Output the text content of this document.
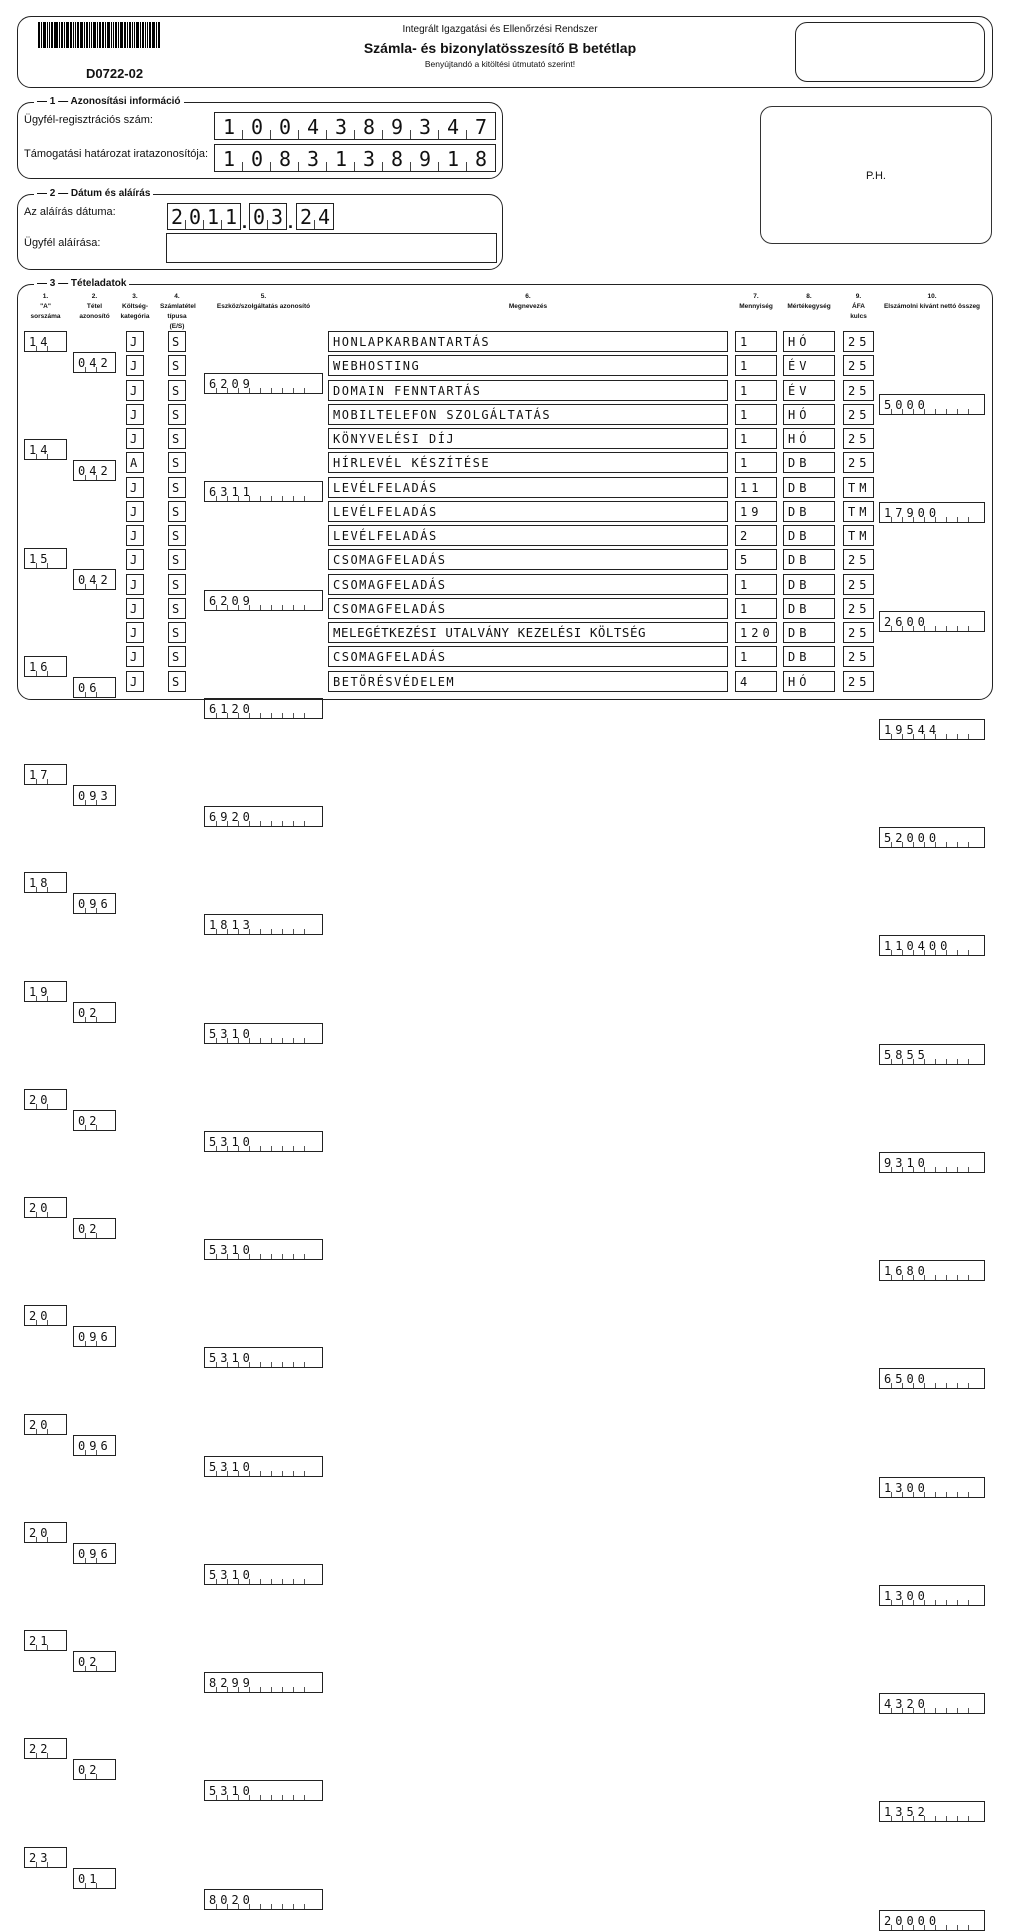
D0722-02
Integrált Igazgatási és Ellenőrzési Rendszer
Számla- és bizonylatösszesítő B betétlap
Benyújtandó a kitöltési útmutató szerint!
— 1 — Azonosítási információ
Ügyfél-regisztrációs szám:	1 0 0 4 3 8 9 3 4 7
Támogatási határozat iratazonosítója: 1 0 8 3 1 3 8 9 1 8
— 2 — Dátum és aláírás
Az aláírás dátuma:	2 0 1 1 . 0 3 . 2 4
Ügyfél aláírása:
P.H.
— 3 — Tételadatok
1.
"A"
sorszáma
2.
Tétel
azonosító
3.
Költség-
kategória
4.
Számlatétel
típusa (E/S)
5.
Eszköz/szolgáltatás azonosító
6.
Megnevezés
7.
Mennyiség
8.
Mértékegység
9.
ÁFA
kulcs
10.
Elszámolni kívánt nettó összeg
14
042
J	S
6209
HONLAPKARBANTARTÁS	1	HÓ	25
5000
14
042
J	S
6311
WEBHOSTING	1	ÉV	25
17900
15
042
J	S
6209
DOMAIN FENNTARTÁS	1	ÉV	25
2600
16
06
J	S
6120
MOBILTELEFON SZOLGÁLTATÁS	1	HÓ	25
19544
17
093
J	S
6920
KÖNYVELÉSI DÍJ	1	HÓ	25
52000
18
096
A	S
1813
HÍRLEVÉL KÉSZÍTÉSE	1	DB	25
110400
19
02
J	S
5310
LEVÉLFELADÁS	11	DB	TM
5855
20
02
J	S
5310
LEVÉLFELADÁS	19	DB	TM
9310
20
02
J	S
5310
LEVÉLFELADÁS	2	DB	TM
1680
20
096
J	S
5310
CSOMAGFELADÁS	5	DB	25
6500
20
096
J	S
5310
CSOMAGFELADÁS	1	DB	25
1300
20
096
J	S
5310
CSOMAGFELADÁS	1	DB	25
1300
21
02
J	S
8299
MELEGÉTKEZÉSI UTALVÁNY KEZELÉSI KÖLTSÉG	120	DB	25
4320
22
02
J	S
5310
CSOMAGFELADÁS	1	DB	25
1352
23
01
J	S
8020
BETÖRÉSVÉDELEM	4	HÓ	25
20000
